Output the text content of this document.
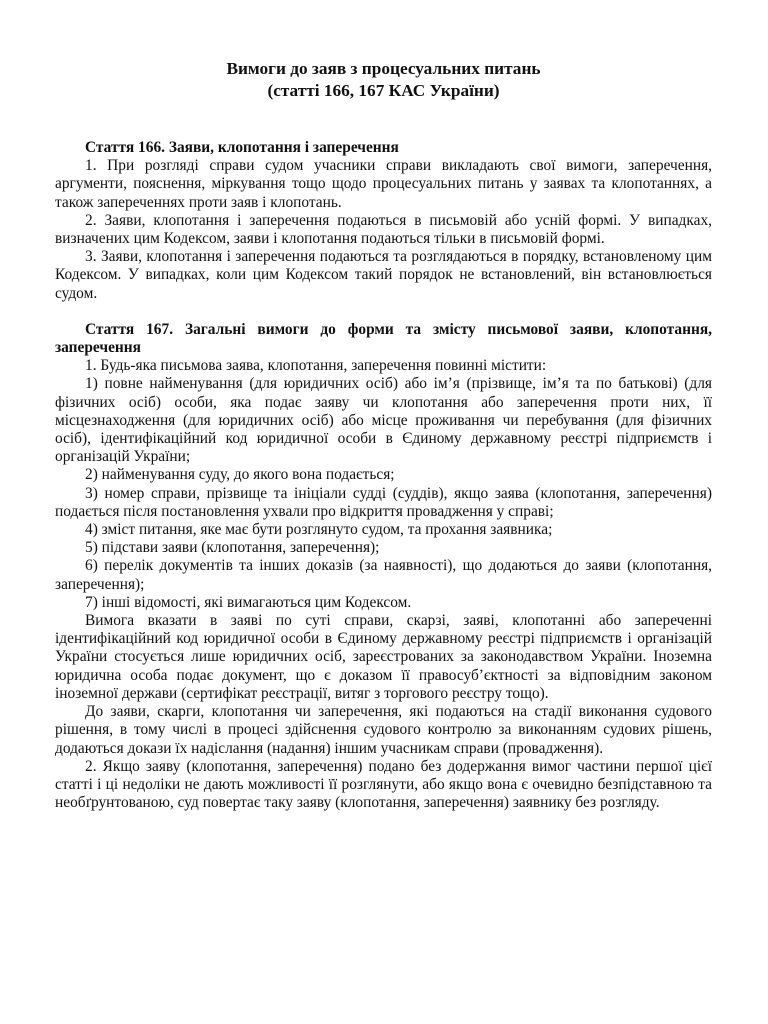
Вимоги до заяв з процесуальних питань
(статті 166, 167 КАС України)

Стаття 166. Заяви, клопотання і заперечення

1. При розгляді справи судом учасники справи викладають свої вимоги, заперечення, аргументи, пояснення, міркування тощо щодо процесуальних питань у заявах та клопотаннях, а також запереченнях проти заяв і клопотань.

2. Заяви, клопотання і заперечення подаються в письмовій або усній формі. У випадках, визначених цим Кодексом, заяви і клопотання подаються тільки в письмовій формі.

3. Заяви, клопотання і заперечення подаються та розглядаються в порядку, встановленому цим Кодексом. У випадках, коли цим Кодексом такий порядок не встановлений, він встановлюється судом.

Стаття 167. Загальні вимоги до форми та змісту письмової заяви, клопотання, заперечення

1. Будь-яка письмова заява, клопотання, заперечення повинні містити:

1) повне найменування (для юридичних осіб) або ім’я (прізвище, ім’я та по батькові) (для фізичних осіб) особи, яка подає заяву чи клопотання або заперечення проти них, її місцезнаходження (для юридичних осіб) або місце проживання чи перебування (для фізичних осіб), ідентифікаційний код юридичної особи в Єдиному державному реєстрі підприємств і організацій України;

2) найменування суду, до якого вона подається;

3) номер справи, прізвище та ініціали судді (суддів), якщо заява (клопотання, заперечення) подається після постановлення ухвали про відкриття провадження у справі;

4) зміст питання, яке має бути розглянуто судом, та прохання заявника;

5) підстави заяви (клопотання, заперечення);

6) перелік документів та інших доказів (за наявності), що додаються до заяви (клопотання, заперечення);

7) інші відомості, які вимагаються цим Кодексом.

Вимога вказати в заяві по суті справи, скарзі, заяві, клопотанні або запереченні ідентифікаційний код юридичної особи в Єдиному державному реєстрі підприємств і організацій України стосується лише юридичних осіб, зареєстрованих за законодавством України. Іноземна юридична особа подає документ, що є доказом її правосуб’єктності за відповідним законом іноземної держави (сертифікат реєстрації, витяг з торгового реєстру тощо).

До заяви, скарги, клопотання чи заперечення, які подаються на стадії виконання судового рішення, в тому числі в процесі здійснення судового контролю за виконанням судових рішень, додаються докази їх надіслання (надання) іншим учасникам справи (провадження).

2. Якщо заяву (клопотання, заперечення) подано без додержання вимог частини першої цієї статті і ці недоліки не дають можливості її розглянути, або якщо вона є очевидно безпідставною та необґрунтованою, суд повертає таку заяву (клопотання, заперечення) заявнику без розгляду.
